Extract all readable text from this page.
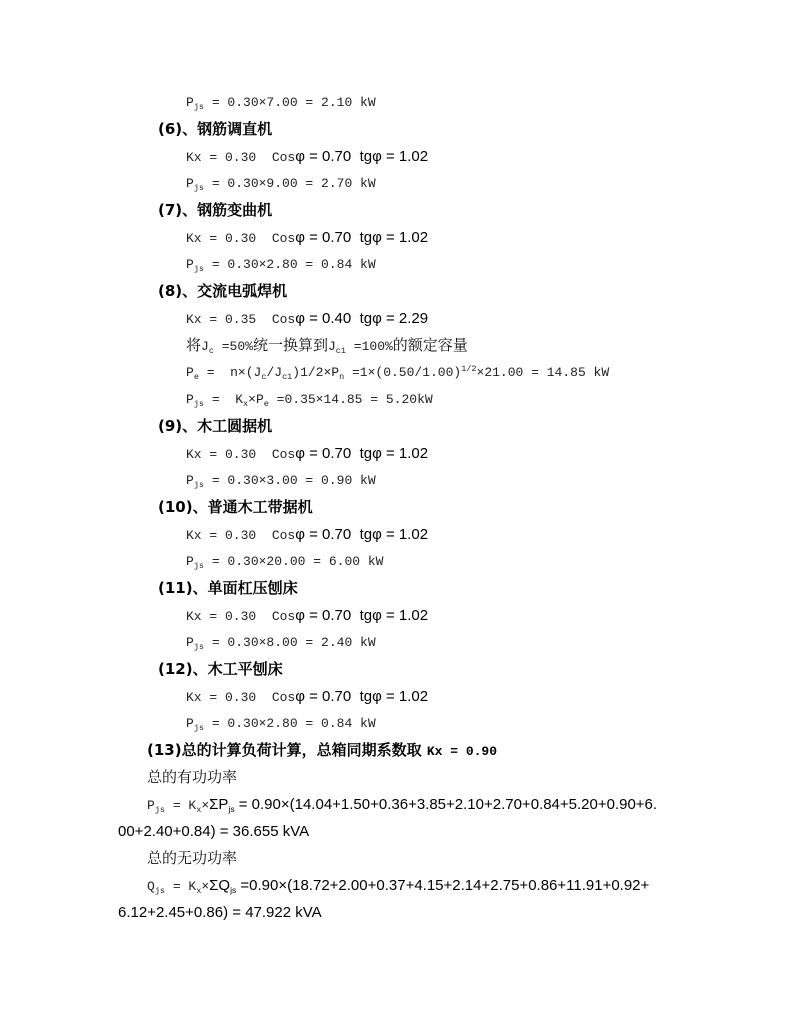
P js = 0.30×7.00 = 2.10 kW
(6)、钢筋调直机
Kx = 0.30  Cos φ = 0.70  tgφ = 1.02
P js = 0.30×9.00 = 2.70 kW
(7)、钢筋变曲机
Kx = 0.30  Cos φ = 0.70  tgφ = 1.02
P js = 0.30×2.80 = 0.84 kW
(8)、交流电弧焊机
Kx = 0.35  Cos φ = 0.40  tgφ = 2.29
将 J c =50% 统一换算到 J c1 =100% 的额定容量
P e =  n×(J c /J c1 )1/2×P n =1×(0.50/1.00) 1/2 ×21.00 = 14.85 kW
P js =  K x ×P e =0.35×14.85 = 5.20kW
(9)、木工圆据机
Kx = 0.30  Cos φ = 0.70  tgφ = 1.02
P js = 0.30×3.00 = 0.90 kW
(10)、普通木工带据机
Kx = 0.30  Cos φ = 0.70  tgφ = 1.02
P js = 0.30×20.00 = 6.00 kW
(11)、单面杠压刨床
Kx = 0.30  Cos φ = 0.70  tgφ = 1.02
P js = 0.30×8.00 = 2.40 kW
(12)、木工平刨床
Kx = 0.30  Cos φ = 0.70  tgφ = 1.02
P js = 0.30×2.80 = 0.84 kW
(13)总的计算负荷计算，总箱同期系数取 Kx = 0.90
总的有功功率
P js = K x × ΣP js = 0.90×(14.04+1.50+0.36+3.85+2.10+2.70+0.84+5.20+0.90+6.
00+2.40+0.84) = 36.655 kVA
总的无功功率
Q js = K x × ΣQ js =0.90×(18.72+2.00+0.37+4.15+2.14+2.75+0.86+11.91+0.92+
6.12+2.45+0.86) = 47.922 kVA
